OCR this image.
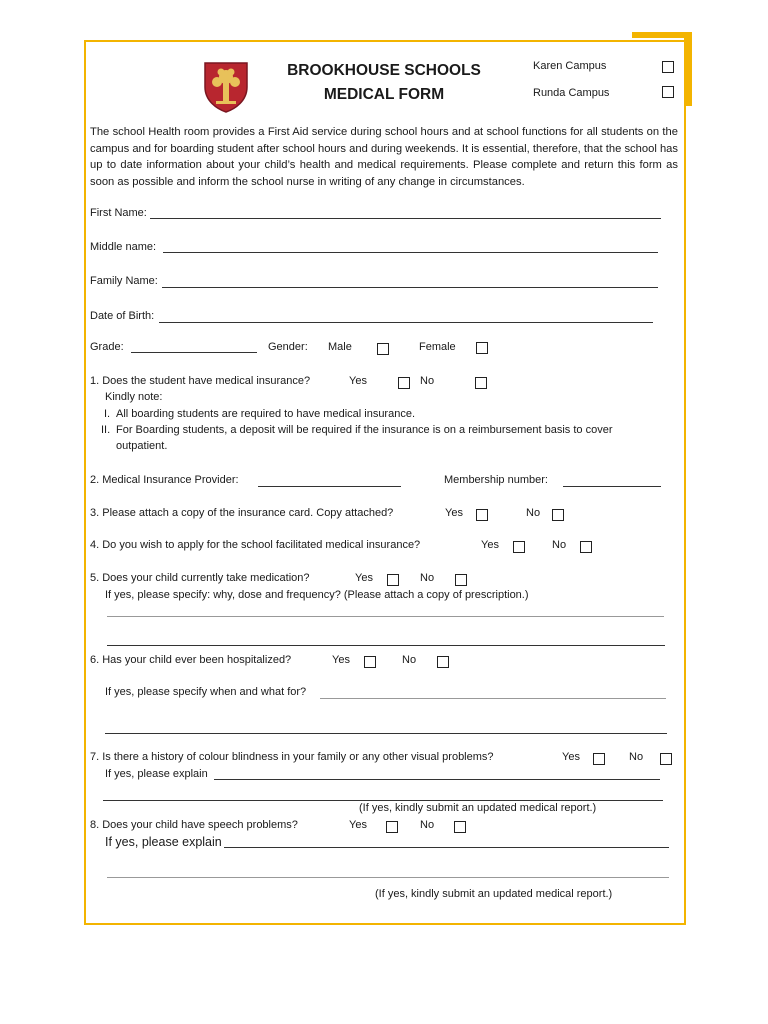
BROOKHOUSE SCHOOLS
MEDICAL FORM
Karen Campus
Runda Campus
The school Health room provides a First Aid service during school hours and at school functions for all students on the campus and for boarding student after school hours and during weekends. It is essential, therefore, that the school has up to date information about your child’s health and medical requirements. Please complete and return this form as soon as possible and inform the school nurse in writing of any change in circumstances.
First Name:
Middle name:
Family Name:
Date of Birth:
Grade:	Gender: Male	Female
1. Does the student have medical insurance?	Yes	No
Kindly note:
I. All boarding students are required to have medical insurance.
II. For Boarding students, a deposit will be required if the insurance is on a reimbursement basis to cover
outpatient.
2. Medical Insurance Provider:	Membership number:
3. Please attach a copy of the insurance card. Copy attached?	Yes	No
4. Do you wish to apply for the school facilitated medical insurance?	Yes	No
5. Does your child currently take medication?	Yes	No
If yes, please specify: why, dose and frequency? (Please attach a copy of prescription.)
6. Has your child ever been hospitalized?	Yes	No
If yes, please specify when and what for?
7. Is there a history of colour blindness in your family or any other visual problems?	Yes	No
If yes, please explain
(If yes, kindly submit an updated medical report.)
8. Does your child have speech problems?	Yes	No
If yes, please explain
(If yes, kindly submit an updated medical report.)
